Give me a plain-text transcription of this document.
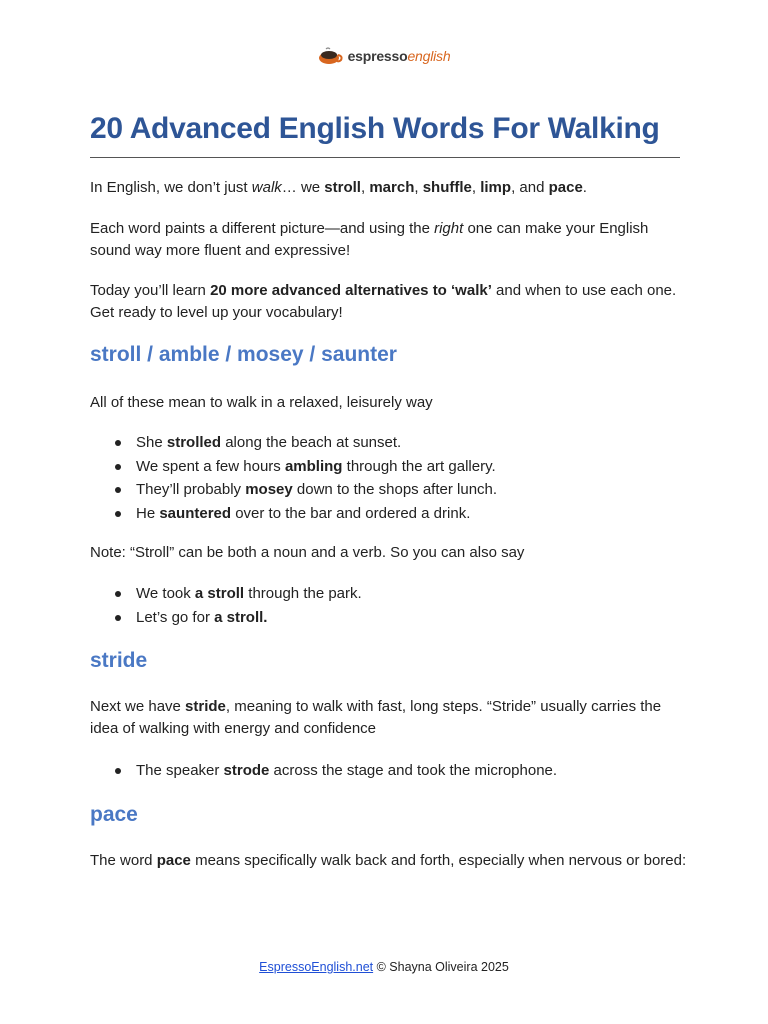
espressoenglish
20 Advanced English Words For Walking

In English, we don’t just walk… we stroll, march, shuffle, limp, and pace.

Each word paints a different picture—and using the right one can make your English sound way more fluent and expressive!

Today you’ll learn 20 more advanced alternatives to ‘walk’ and when to use each one. Get ready to level up your vocabulary!

stroll / amble / mosey / saunter

All of these mean to walk in a relaxed, leisurely way

She strolled along the beach at sunset.
We spent a few hours ambling through the art gallery.
They’ll probably mosey down to the shops after lunch.
He sauntered over to the bar and ordered a drink.

Note: “Stroll” can be both a noun and a verb. So you can also say

We took a stroll through the park.
Let’s go for a stroll.
stride

Next we have stride, meaning to walk with fast, long steps. “Stride” usually carries the idea of walking with energy and confidence

The speaker strode across the stage and took the microphone.
pace

The word pace means specifically walk back and forth, especially when nervous or bored:

EspressoEnglish.net © Shayna Oliveira 2025
